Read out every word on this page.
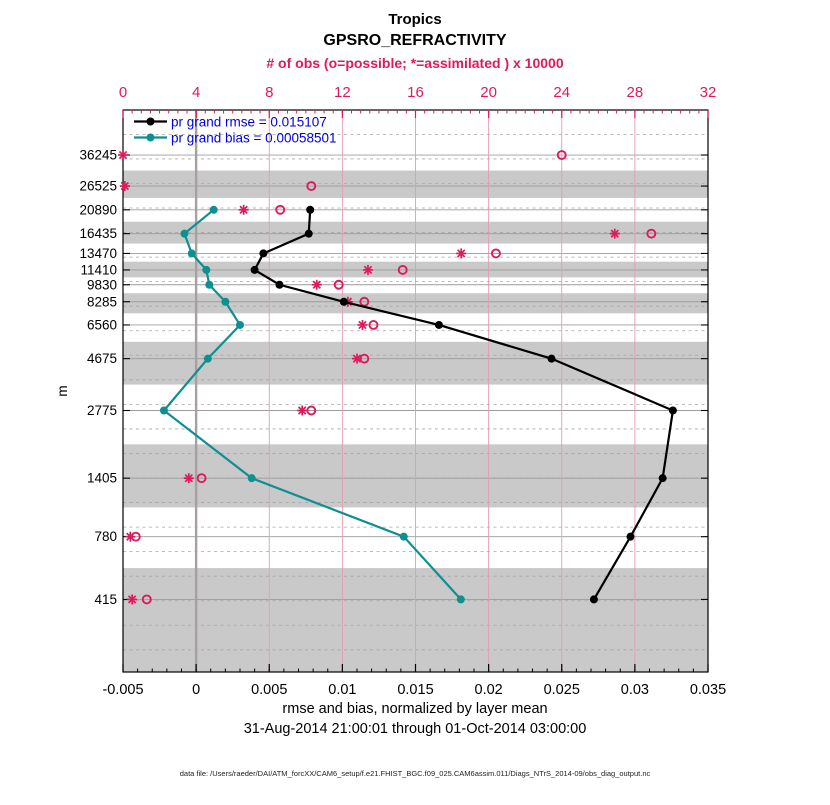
0	4	8	12	16	20	24	28	32
-0.005	0	0.005	0.01	0.015	0.02	0.025	0.03	0.035
36245
26525
20890
16435
13470
11410
9830
8285
6560
4675
2775
1405
780
415
Tropics
GPSRO_REFRACTIVITY
# of obs (o=possible; *=assimilated ) x 10000
pr grand rmse = 0.015107
pr grand bias = 0.00058501
m
rmse and bias, normalized by layer mean
31-Aug-2014 21:00:01 through 01-Oct-2014 03:00:00
data file: /Users/raeder/DAI/ATM_forcXX/CAM6_setup/f.e21.FHIST_BGC.f09_025.CAM6assim.011/Diags_NTrS_2014-09/obs_diag_output.nc
